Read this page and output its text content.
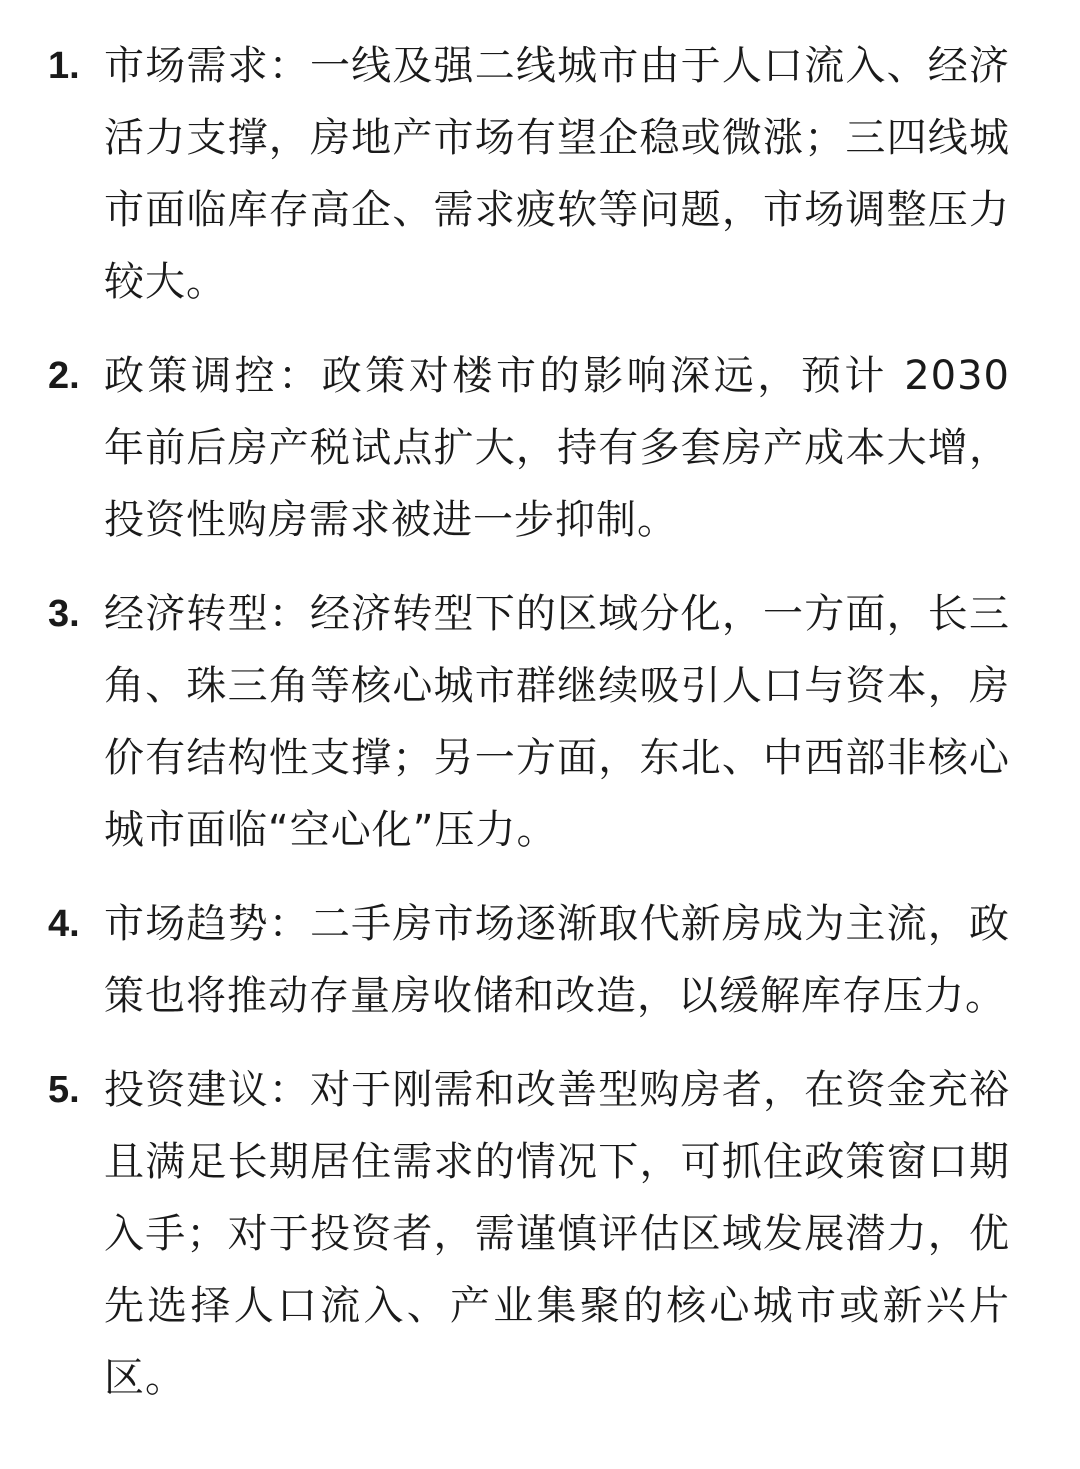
1. 市场需求：一线及强二线城市由于人口流入、经济活力支撑，房地产市场有望企稳或微涨；三四线城市面临库存高企、需求疲软等问题，市场调整压力较大。
2. 政策调控：政策对楼市的影响深远，预计 2030 年前后房产税试点扩大，持有多套房产成本大增，投资性购房需求被进一步抑制。
3. 经济转型：经济转型下的区域分化，一方面，长三角、珠三角等核心城市群继续吸引人口与资本，房价有结构性支撑；另一方面，东北、中西部非核心城市面临“空心化”压力。
4. 市场趋势：二手房市场逐渐取代新房成为主流，政策也将推动存量房收储和改造，以缓解库存压力。
5. 投资建议：对于刚需和改善型购房者，在资金充裕且满足长期居住需求的情况下，可抓住政策窗口期入手；对于投资者，需谨慎评估区域发展潜力，优先选择人口流入、产业集聚的核心城市或新兴片区。
